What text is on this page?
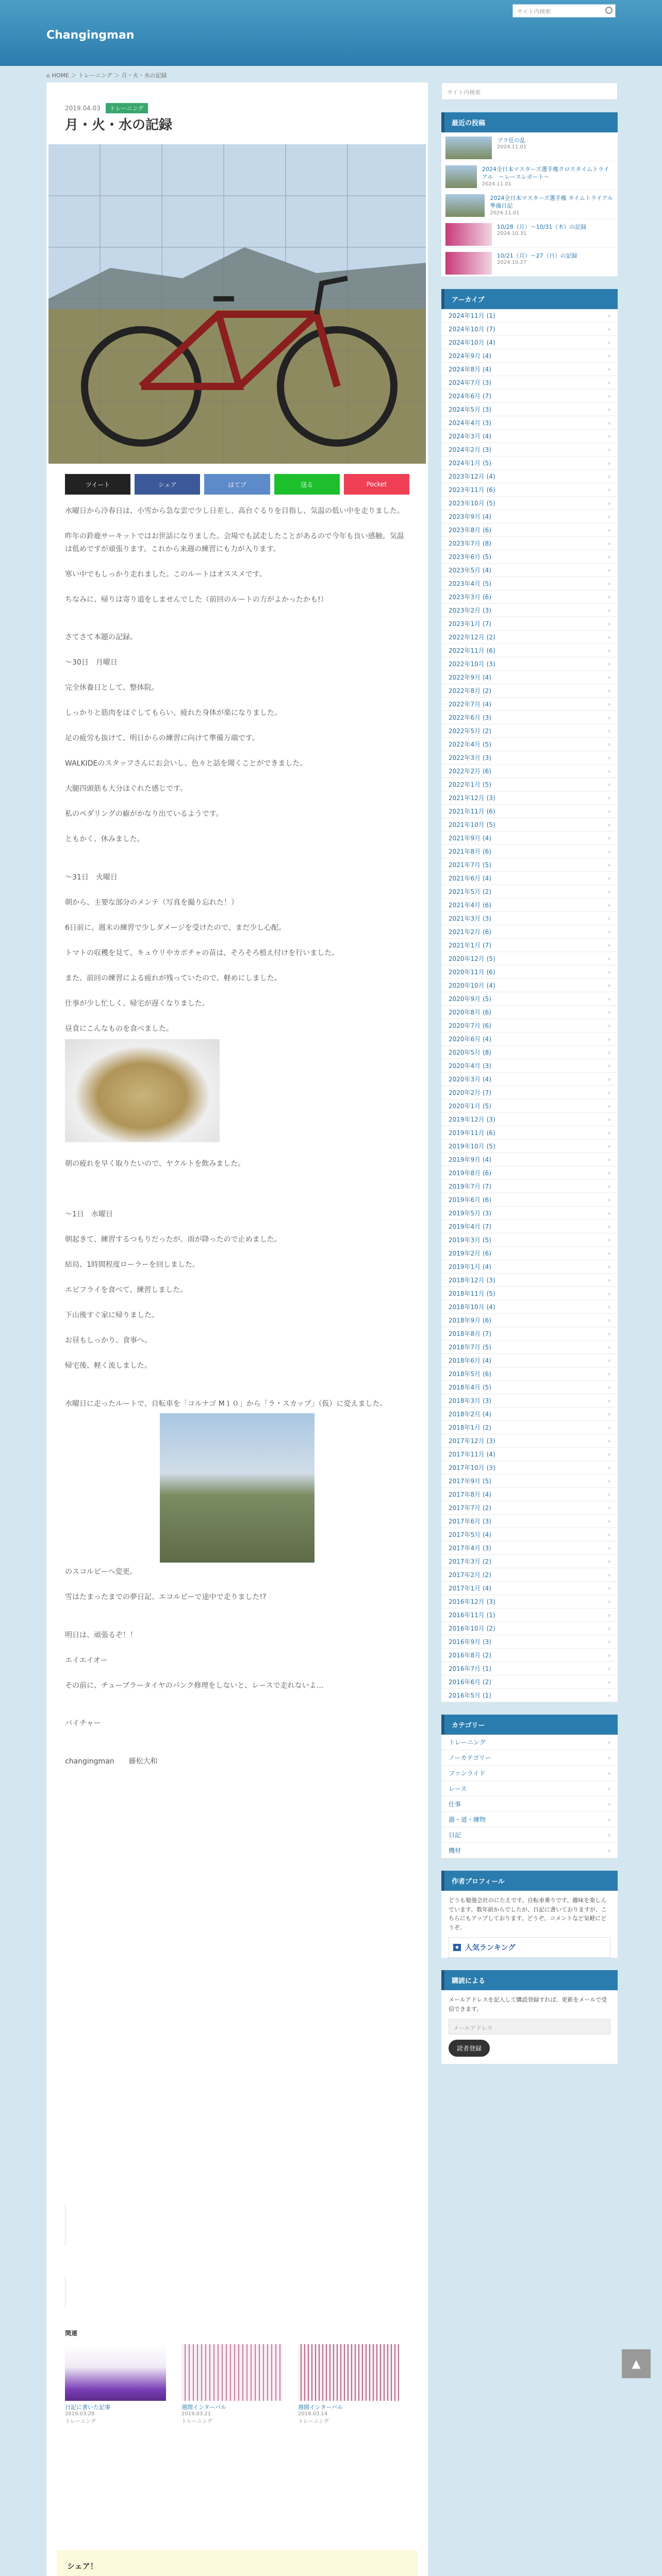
Changingman
サイト内検索
⌂ HOME ＞ トレーニング ＞ 月・火・水の記録
2019.04.03 トレーニング
月・火・水の記録
ツイート	シェア	はてブ	送る	Pocket

水曜日から冷春日は、小雪から急な雲で少し日差し、高台ぐるりを目指し、気温の低い中を走りました。

昨年の鈴鹿サーキットではお世話になりました。会場でも試走したことがあるので今年も良い感触。気温は低めですが頑張ります。これから来週の練習にも力が入ります。

寒い中でもしっかり走れました。このルートはオススメです。

ちなみに、帰りは寄り道をしませんでした（前回のルートの方がよかったかも!）

さてさて本題の記録。

～30日　月曜日

完全休養日として、整体院。

しっかりと筋肉をほぐしてもらい、疲れた身体が楽になりました。

足の疲労も抜けて、明日からの練習に向けて準備万端です。

WALKIDEのスタッフさんにお会いし、色々と話を聞くことができました。

大腿四頭筋も大分ほぐれた感じです。

私のペダリングの癖がかなり出ているようです。

ともかく、休みました。

～31日　火曜日

朝から、主要な部分のメンテ（写真を撮り忘れた！）

6日前に、週末の練習で少しダメージを受けたので、まだ少し心配。

トマトの収穫を見て、キュウリやカボチャの苗は、そろそろ植え付けを行いました。

また、前回の練習による疲れが残っていたので、軽めにしました。

仕事が少し忙しく、帰宅が遅くなりました。

昼食にこんなものを食べました。

朝の疲れを早く取りたいので、ヤクルトを飲みました。

～1日　水曜日

朝起きて、練習するつもりだったが、雨が降ったので止めました。

結局、1時間程度ローラーを回しました。

エビフライを食べて、練習しました。

下山後すぐ家に帰りました。

お昼もしっかり、食事へ。

帰宅後、軽く流しました。

水曜日に走ったルートで、自転車を「コルナゴ M１０」から「ラ・スカップ」（仮）に変えました。

のスコルピーへ変更。

雪はたまったまでの夢日記、エコルピーで途中で走りました!?

明日は、頑張るぞ！！

エイエイオー

その前に、チューブラータイヤのパンク修理をしないと、レースで走れないよ…

バイチャー

changingman　　藤松大和

関連
日記に書いた記事
2019.03.28
トレーニング
週間インターバル
2019.03.21
トレーニング
週間インターバル
2019.03.14
トレーニング
シェア！
サイト内検索
最近の投稿
ブラ狂の乱
2024.11.01
2024全日本マスターズ選手権クロスタイムトライアル　〜レースレポート〜
2024.11.01
2024全日本マスターズ選手権 タイムトライアル準備日記
2024.11.01
10/28（月）〜10/31（木）の記録
2024.10.31
10/21（月）〜27（日）の記録
2024.10.27
アーカイブ
2024年11月 (1)	›
2024年10月 (7)	›
2024年10月 (4)	›
2024年9月 (4)	›
2024年8月 (4)	›
2024年7月 (3)	›
2024年6月 (7)	›
2024年5月 (3)	›
2024年4月 (3)	›
2024年3月 (4)	›
2024年2月 (3)	›
2024年1月 (5)	›
2023年12月 (4)	›
2023年11月 (6)	›
2023年10月 (5)	›
2023年9月 (4)	›
2023年8月 (6)	›
2023年7月 (8)	›
2023年6月 (5)	›
2023年5月 (4)	›
2023年4月 (5)	›
2023年3月 (6)	›
2023年2月 (3)	›
2023年1月 (7)	›
2022年12月 (2)	›
2022年11月 (6)	›
2022年10月 (3)	›
2022年9月 (4)	›
2022年8月 (2)	›
2022年7月 (4)	›
2022年6月 (3)	›
2022年5月 (2)	›
2022年4月 (5)	›
2022年3月 (3)	›
2022年2月 (6)	›
2022年1月 (5)	›
2021年12月 (3)	›
2021年11月 (6)	›
2021年10月 (5)	›
2021年9月 (4)	›
2021年8月 (6)	›
2021年7月 (5)	›
2021年6月 (4)	›
2021年5月 (2)	›
2021年4月 (6)	›
2021年3月 (3)	›
2021年2月 (6)	›
2021年1月 (7)	›
2020年12月 (5)	›
2020年11月 (6)	›
2020年10月 (4)	›
2020年9月 (5)	›
2020年8月 (6)	›
2020年7月 (6)	›
2020年6月 (4)	›
2020年5月 (8)	›
2020年4月 (3)	›
2020年3月 (4)	›
2020年2月 (7)	›
2020年1月 (5)	›
2019年12月 (3)	›
2019年11月 (6)	›
2019年10月 (5)	›
2019年9月 (4)	›
2019年8月 (6)	›
2019年7月 (7)	›
2019年6月 (6)	›
2019年5月 (3)	›
2019年4月 (7)	›
2019年3月 (5)	›
2019年2月 (6)	›
2019年1月 (4)	›
2018年12月 (3)	›
2018年11月 (5)	›
2018年10月 (4)	›
2018年9月 (6)	›
2018年8月 (7)	›
2018年7月 (5)	›
2018年6月 (4)	›
2018年5月 (6)	›
2018年4月 (5)	›
2018年3月 (3)	›
2018年2月 (4)	›
2018年1月 (2)	›
2017年12月 (3)	›
2017年11月 (4)	›
2017年10月 (3)	›
2017年9月 (5)	›
2017年8月 (4)	›
2017年7月 (2)	›
2017年6月 (3)	›
2017年5月 (4)	›
2017年4月 (3)	›
2017年3月 (2)	›
2017年2月 (2)	›
2017年1月 (4)	›
2016年12月 (3)	›
2016年11月 (1)	›
2016年10月 (2)	›
2016年9月 (3)	›
2016年8月 (2)	›
2016年7月 (1)	›
2016年6月 (2)	›
2016年5月 (1)	›
カテゴリー
トレーニング	›
ノーカテゴリー	›
ファンライド	›
レース	›
仕事	›
器・道・練物	›
日記	›
機材	›
作者プロフィール
どうも勉強会社のにたえです。自転車乗りです。趣味を楽しんでいます。数年前からでしたが、日記に書いておりますが、こちらにもアップしております。どうぞ、コメントなど気軽にどうぞ。
◆ 人気ランキング
購読による
メールアドレスを記入して購読登録すれば、更新をメールで受信できます。
メールアドレス
読者登録
▲
